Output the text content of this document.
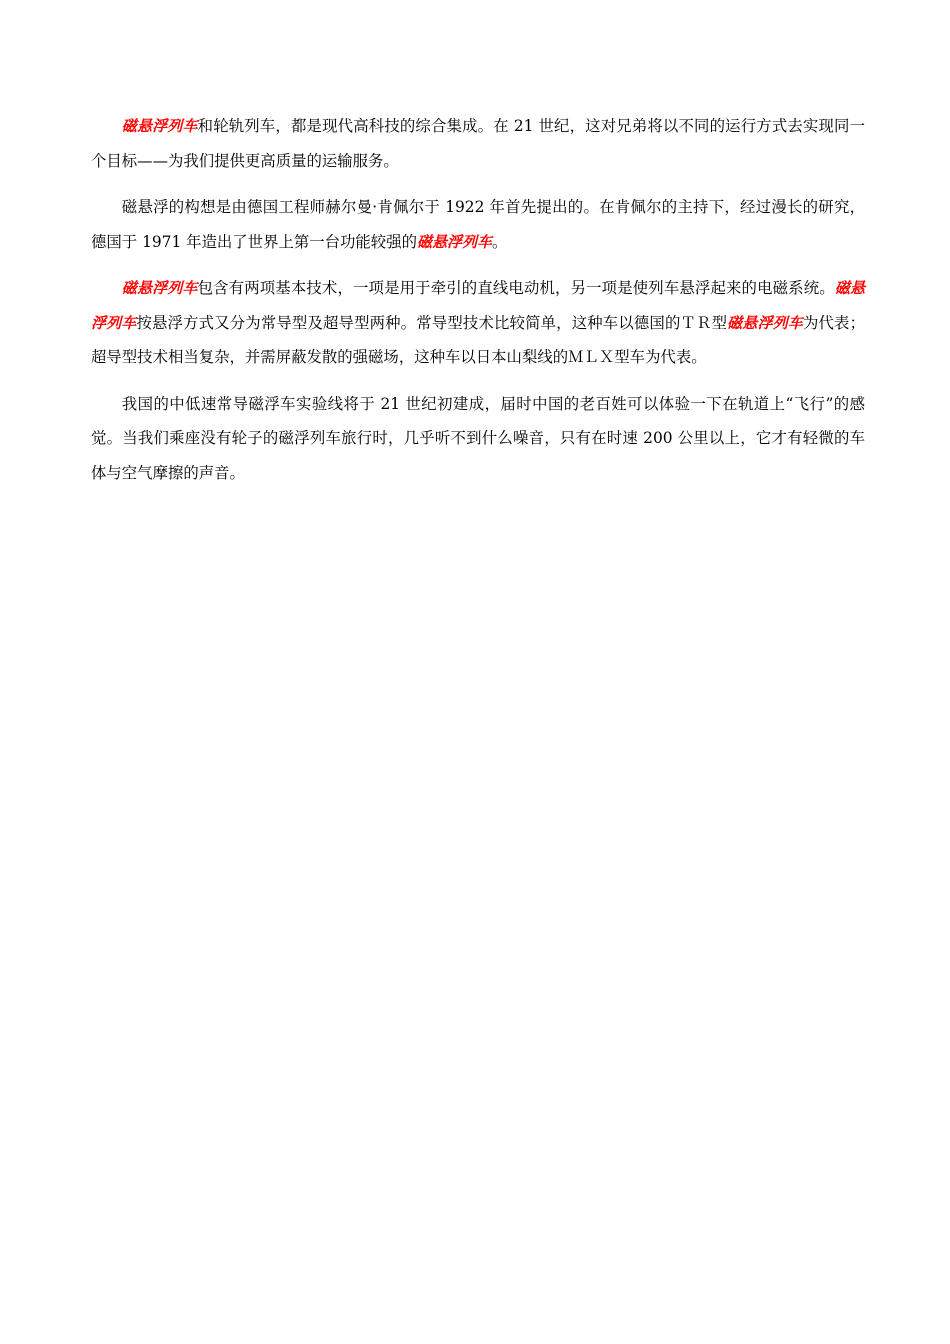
磁悬浮列车和轮轨列车，都是现代高科技的综合集成。在 21 世纪，这对兄弟将以不同的运行方式去实现同一个目标——为我们提供更高质量的运输服务。

磁悬浮的构想是由德国工程师赫尔曼·肯佩尔于 1922 年首先提出的。在肯佩尔的主持下，经过漫长的研究，德国于 1971 年造出了世界上第一台功能较强的磁悬浮列车。

磁悬浮列车包含有两项基本技术，一项是用于牵引的直线电动机，另一项是使列车悬浮起来的电磁系统。磁悬浮列车按悬浮方式又分为常导型及超导型两种。常导型技术比较简单，这种车以德国的ＴＲ型磁悬浮列车为代表；超导型技术相当复杂，并需屏蔽发散的强磁场，这种车以日本山梨线的ＭＬＸ型车为代表。

我国的中低速常导磁浮车实验线将于 21 世纪初建成，届时中国的老百姓可以体验一下在轨道上“飞行”的感觉。当我们乘座没有轮子的磁浮列车旅行时，几乎听不到什么噪音，只有在时速 200 公里以上，它才有轻微的车体与空气摩擦的声音。
